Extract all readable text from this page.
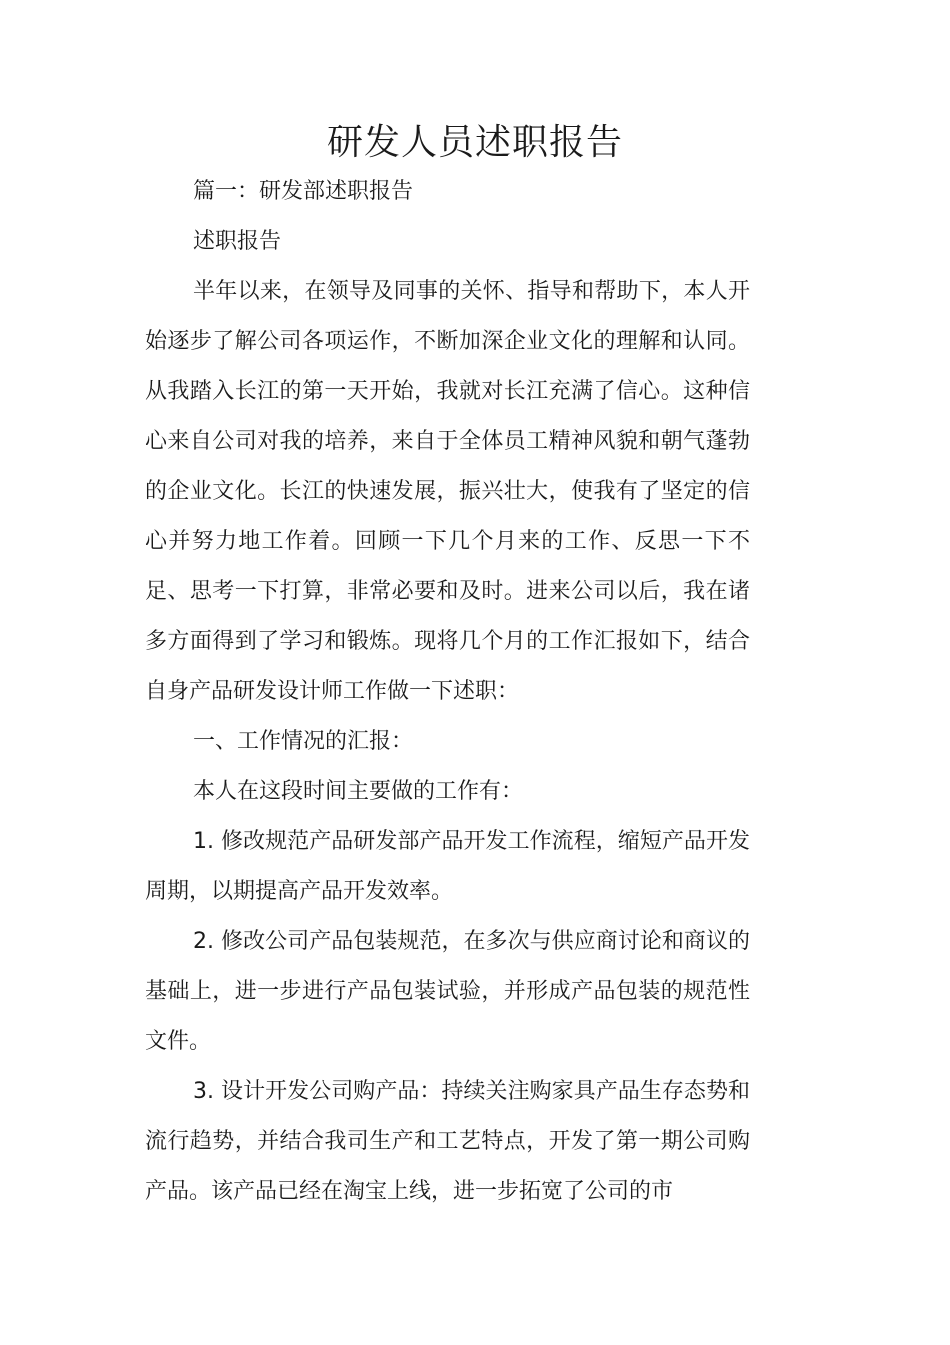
研发人员述职报告

篇一：研发部述职报告

述职报告

半年以来，在领导及同事的关怀、指导和帮助下，本人开始逐步了解公司各项运作，不断加深企业文化的理解和认同。从我踏入长江的第一天开始，我就对长江充满了信心。这种信心来自公司对我的培养，来自于全体员工精神风貌和朝气蓬勃的企业文化。长江的快速发展，振兴壮大，使我有了坚定的信心并努力地工作着。回顾一下几个月来的工作、反思一下不足、思考一下打算，非常必要和及时。进来公司以后，我在诸多方面得到了学习和锻炼。现将几个月的工作汇报如下，结合自身产品研发设计师工作做一下述职：

一、工作情况的汇报：

本人在这段时间主要做的工作有：

1. 修改规范产品研发部产品开发工作流程，缩短产品开发周期，以期提高产品开发效率。

2. 修改公司产品包装规范，在多次与供应商讨论和商议的基础上，进一步进行产品包装试验，并形成产品包装的规范性文件。

3. 设计开发公司购产品：持续关注购家具产品生存态势和流行趋势，并结合我司生产和工艺特点，开发了第一期公司购产品。该产品已经在淘宝上线，进一步拓宽了公司的市
